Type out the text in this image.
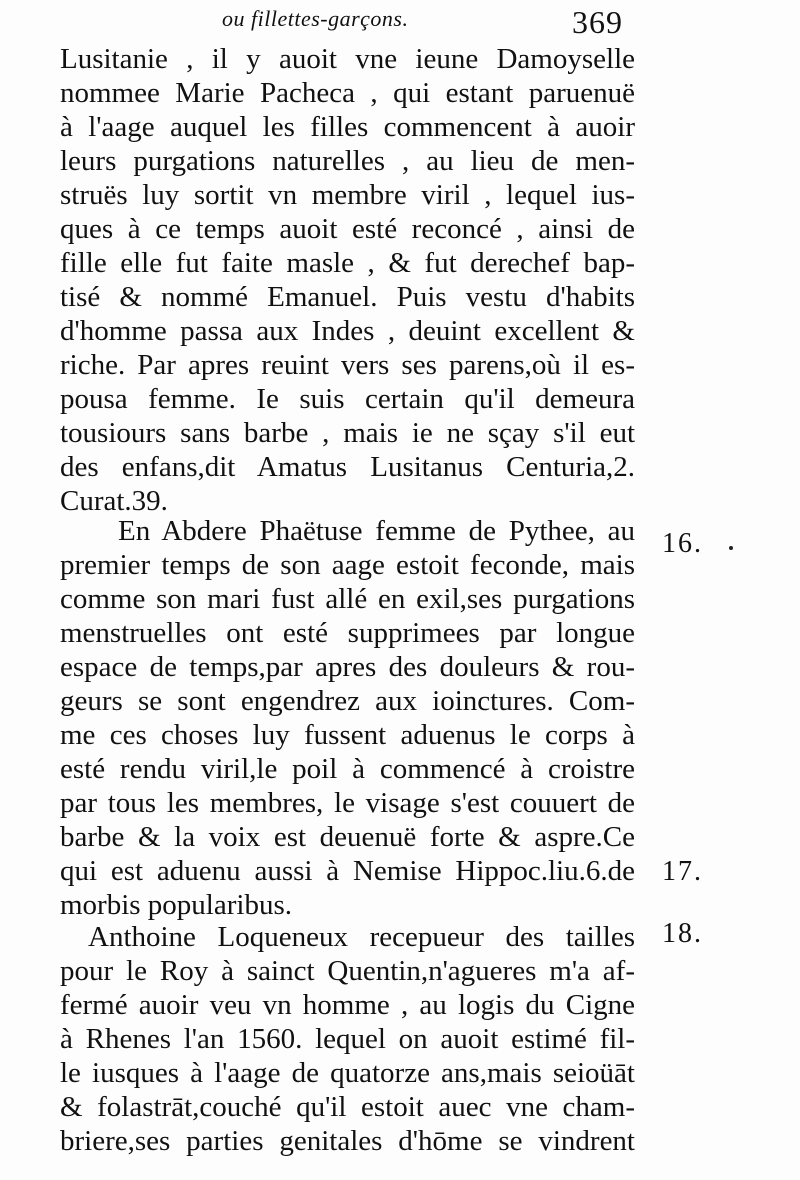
ou fillettes-garçons.	369
Lusitanie , il y auoit vne ieune Damoyselle
nommee Marie Pacheca , qui estant paruenuë
à l'aage auquel les filles commencent à auoir
leurs purgations naturelles , au lieu de men-
struës luy sortit vn membre viril , lequel ius-
ques à ce temps auoit esté reconcé , ainsi de
fille elle fut faite masle , & fut derechef bap-
tisé & nommé Emanuel. Puis vestu d'habits
d'homme passa aux Indes , deuint excellent &
riche. Par apres reuint vers ses parens,où il es-
pousa femme. Ie suis certain qu'il demeura
tousiours sans barbe , mais ie ne sçay s'il eut
des enfans,dit Amatus Lusitanus Centuria,2.
Curat.39.
En Abdere Phaëtuse femme de Pythee, au
premier temps de son aage estoit feconde, mais
comme son mari fust allé en exil,ses purgations
menstruelles ont esté supprimees par longue
espace de temps,par apres des douleurs & rou-
geurs se sont engendrez aux ioinctures. Com-
me ces choses luy fussent aduenus le corps à
esté rendu viril,le poil à commencé à croistre
par tous les membres, le visage s'est couuert de
barbe & la voix est deuenuë forte & aspre.Ce
qui est aduenu aussi à Nemise Hippoc.liu.6.de
morbis popularibus.
Anthoine Loqueneux recepueur des tailles
pour le Roy à sainct Quentin,n'agueres m'a af-
fermé auoir veu vn homme , au logis du Cigne
à Rhenes l'an 1560. lequel on auoit estimé fil-
le iusques à l'aage de quatorze ans,mais seioüāt
& folastrāt,couché qu'il estoit auec vne cham-
briere,ses parties genitales d'hōme se vindrent
16.
17.
18.
